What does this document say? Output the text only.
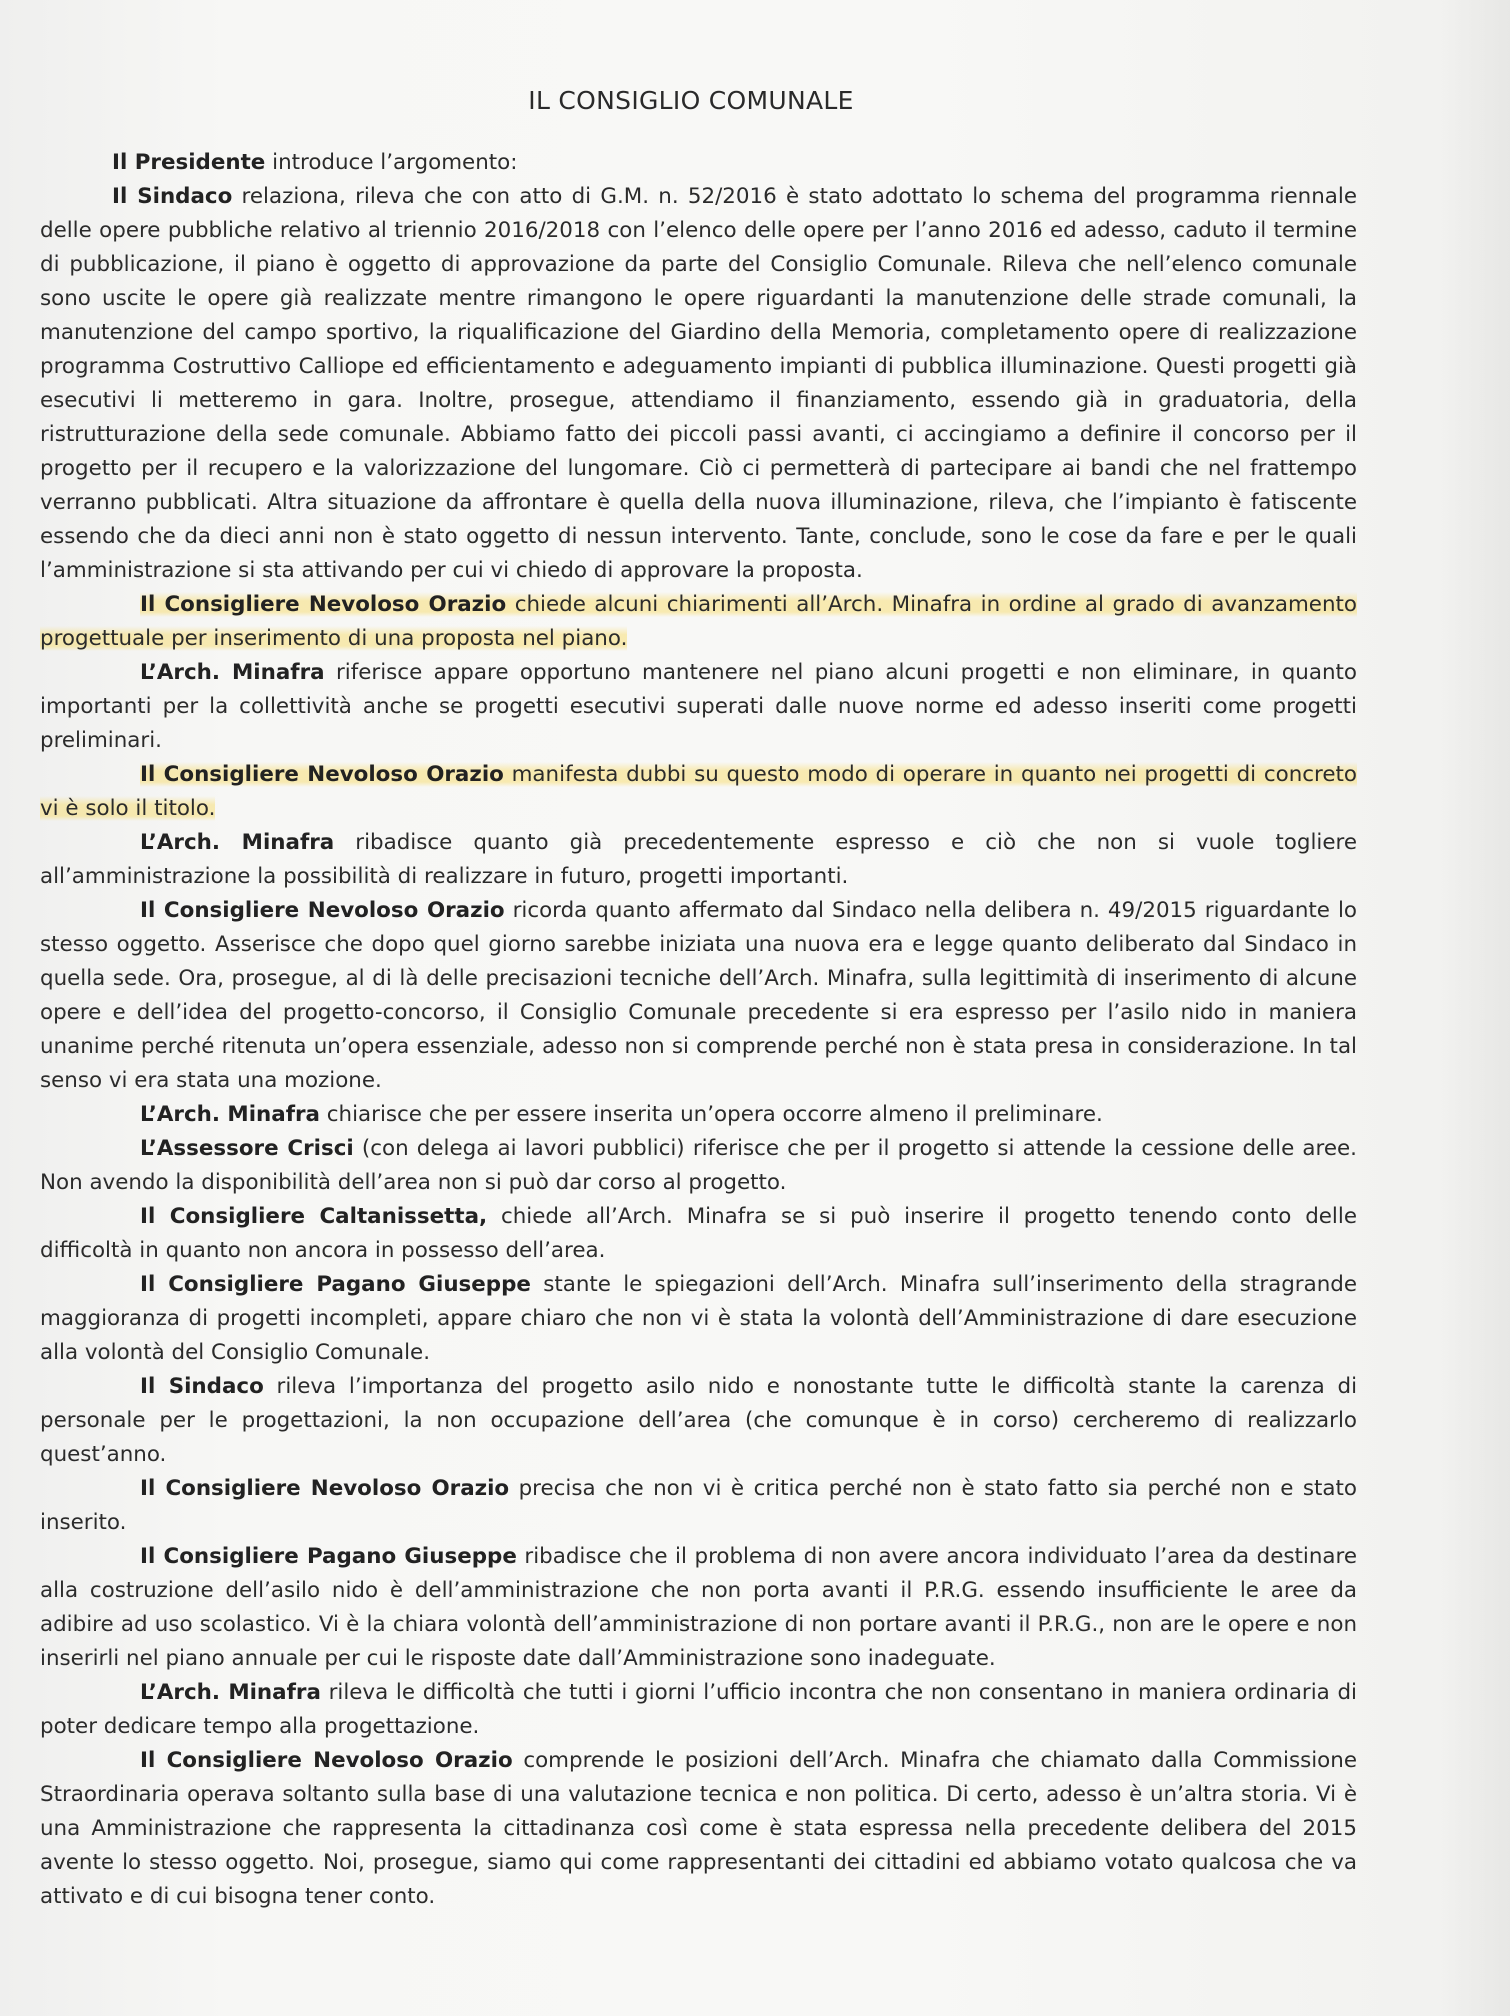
IL CONSIGLIO COMUNALE

Il Presidente introduce l’argomento:

Il Sindaco relaziona, rileva che con atto di G.M. n. 52/2016 è stato adottato lo schema del programma riennale delle opere pubbliche relativo al triennio 2016/2018 con l’elenco delle opere per l’anno 2016 ed adesso, caduto il termine di pubblicazione, il piano è oggetto di approvazione da parte del Consiglio Comunale. Rileva che nell’elenco comunale sono uscite le opere già realizzate mentre rimangono le opere riguardanti la manutenzione delle strade comunali, la manutenzione del campo sportivo, la riqualificazione del Giardino della Memoria, completamento opere di realizzazione programma Costruttivo Calliope ed efficientamento e adeguamento impianti di pubblica illuminazione. Questi progetti già esecutivi li metteremo in gara. Inoltre, prosegue, attendiamo il finanziamento, essendo già in graduatoria, della ristrutturazione della sede comunale. Abbiamo fatto dei piccoli passi avanti, ci accingiamo a definire il concorso per il progetto per il recupero e la valorizzazione del lungomare. Ciò ci permetterà di partecipare ai bandi che nel frattempo verranno pubblicati. Altra situazione da affrontare è quella della nuova illuminazione, rileva, che l’impianto è fatiscente essendo che da dieci anni non è stato oggetto di nessun intervento. Tante, conclude, sono le cose da fare e per le quali l’amministrazione si sta attivando per cui vi chiedo di approvare la proposta.

Il Consigliere Nevoloso Orazio chiede alcuni chiarimenti all’Arch. Minafra in ordine al grado di avanzamento progettuale per inserimento di una proposta nel piano.

L’Arch. Minafra riferisce appare opportuno mantenere nel piano alcuni progetti e non eliminare, in quanto importanti per la collettività anche se progetti esecutivi superati dalle nuove norme ed adesso inseriti come progetti preliminari.

Il Consigliere Nevoloso Orazio manifesta dubbi su questo modo di operare in quanto nei progetti di concreto vi è solo il titolo.

L’Arch. Minafra ribadisce quanto già precedentemente espresso e ciò che non si vuole togliere all’amministrazione la possibilità di realizzare in futuro, progetti importanti.

Il Consigliere Nevoloso Orazio ricorda quanto affermato dal Sindaco nella delibera n. 49/2015 riguardante lo stesso oggetto. Asserisce che dopo quel giorno sarebbe iniziata una nuova era e legge quanto deliberato dal Sindaco in quella sede. Ora, prosegue, al di là delle precisazioni tecniche dell’Arch. Minafra, sulla legittimità di inserimento di alcune opere e dell’idea del progetto-concorso, il Consiglio Comunale precedente si era espresso per l’asilo nido in maniera unanime perché ritenuta un’opera essenziale, adesso non si comprende perché non è stata presa in considerazione. In tal senso vi era stata una mozione.

L’Arch. Minafra chiarisce che per essere inserita un’opera occorre almeno il preliminare.

L’Assessore Crisci (con delega ai lavori pubblici) riferisce che per il progetto si attende la cessione delle aree. Non avendo la disponibilità dell’area non si può dar corso al progetto.

Il Consigliere Caltanissetta, chiede all’Arch. Minafra se si può inserire il progetto tenendo conto delle difficoltà in quanto non ancora in possesso dell’area.

Il Consigliere Pagano Giuseppe stante le spiegazioni dell’Arch. Minafra sull’inserimento della stragrande maggioranza di progetti incompleti, appare chiaro che non vi è stata la volontà dell’Amministrazione di dare esecuzione alla volontà del Consiglio Comunale.

Il Sindaco rileva l’importanza del progetto asilo nido e nonostante tutte le difficoltà stante la carenza di personale per le progettazioni, la non occupazione dell’area (che comunque è in corso) cercheremo di realizzarlo quest’anno.

Il Consigliere Nevoloso Orazio precisa che non vi è critica perché non è stato fatto sia perché non e stato inserito.

Il Consigliere Pagano Giuseppe ribadisce che il problema di non avere ancora individuato l’area da destinare alla costruzione dell’asilo nido è dell’amministrazione che non porta avanti il P.R.G. essendo insufficiente le aree da adibire ad uso scolastico. Vi è la chiara volontà dell’amministrazione di non portare avanti il P.R.G., non are le opere e non inserirli nel piano annuale per cui le risposte date dall’Amministrazione sono inadeguate.

L’Arch. Minafra rileva le difficoltà che tutti i giorni l’ufficio incontra che non consentano in maniera ordinaria di poter dedicare tempo alla progettazione.

Il Consigliere Nevoloso Orazio comprende le posizioni dell’Arch. Minafra che chiamato dalla Commissione Straordinaria operava soltanto sulla base di una valutazione tecnica e non politica. Di certo, adesso è un’altra storia. Vi è una Amministrazione che rappresenta la cittadinanza così come è stata espressa nella precedente delibera del 2015 avente lo stesso oggetto. Noi, prosegue, siamo qui come rappresentanti dei cittadini ed abbiamo votato qualcosa che va attivato e di cui bisogna tener conto.
